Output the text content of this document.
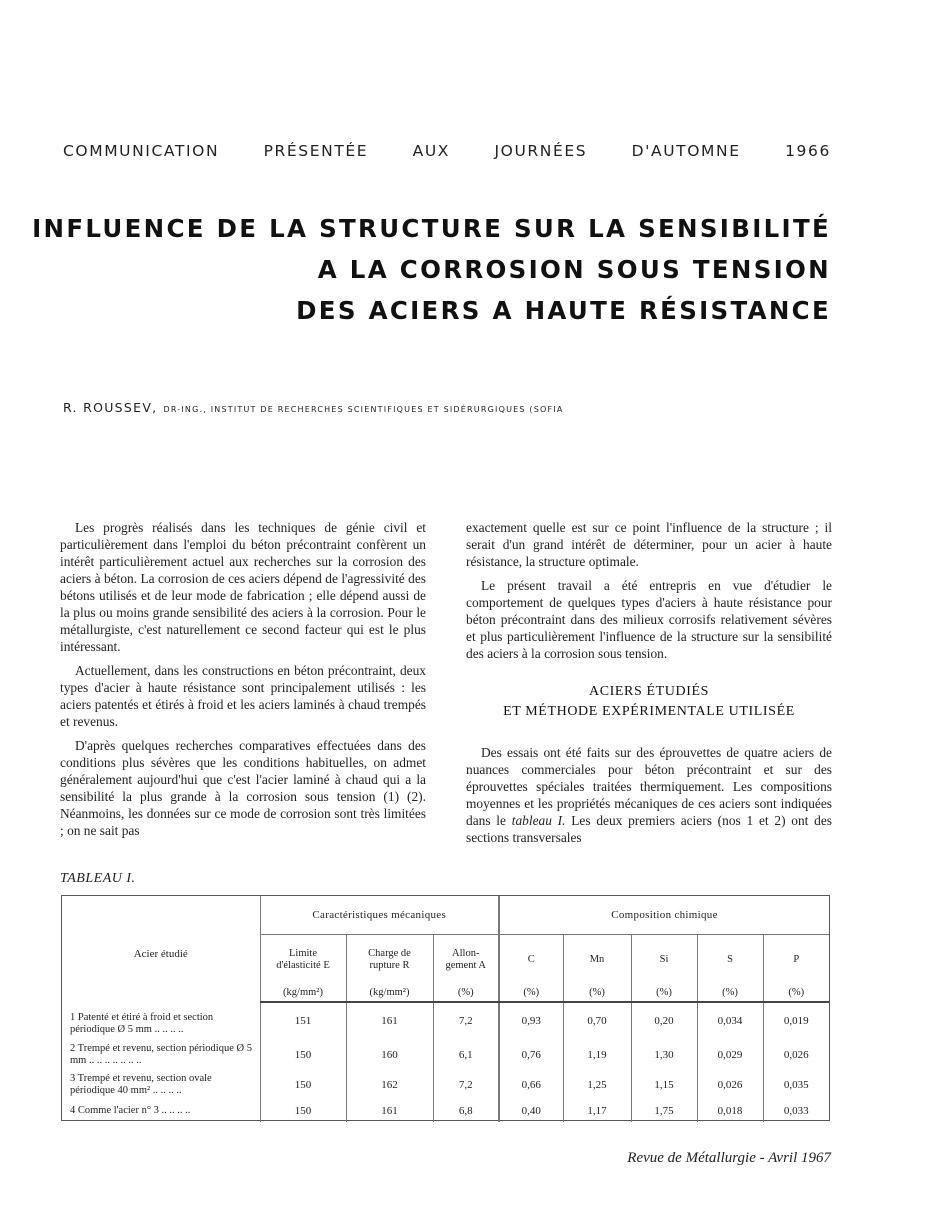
COMMUNICATION	PRÉSENTÉE	AUX	JOURNÉES	D'AUTOMNE	1966
INFLUENCE DE LA STRUCTURE SUR LA SENSIBILITÉ
A LA CORROSION SOUS TENSION
DES ACIERS A HAUTE RÉSISTANCE
R. ROUSSEV, DR-ING., INSTITUT DE RECHERCHES SCIENTIFIQUES ET SIDÉRURGIQUES (SOFIA

Les progrès réalisés dans les techniques de génie civil et particulièrement dans l'emploi du béton précontraint confèrent un intérêt particulièrement actuel aux recherches sur la corrosion des aciers à béton. La corrosion de ces aciers dépend de l'agressivité des bétons utilisés et de leur mode de fabrication ; elle dépend aussi de la plus ou moins grande sensibilité des aciers à la corrosion. Pour le métallurgiste, c'est naturellement ce second facteur qui est le plus intéressant.

Actuellement, dans les constructions en béton précontraint, deux types d'acier à haute résistance sont principalement utilisés : les aciers patentés et étirés à froid et les aciers laminés à chaud trempés et revenus.

D'après quelques recherches comparatives effectuées dans des conditions plus sévères que les conditions habituelles, on admet généralement aujourd'hui que c'est l'acier laminé à chaud qui a la sensibilité la plus grande à la corrosion sous tension (1) (2). Néanmoins, les données sur ce mode de corrosion sont très limitées ; on ne sait pas

exactement quelle est sur ce point l'influence de la structure ; il serait d'un grand intérêt de déterminer, pour un acier à haute résistance, la structure optimale.

Le présent travail a été entrepris en vue d'étudier le comportement de quelques types d'aciers à haute résistance pour béton précontraint dans des milieux corrosifs relativement sévères et plus particulièrement l'influence de la structure sur la sensibilité des aciers à la corrosion sous tension.

ACIERS ÉTUDIÉS
ET MÉTHODE EXPÉRIMENTALE UTILISÉE

Des essais ont été faits sur des éprouvettes de quatre aciers de nuances commerciales pour béton précontraint et sur des éprouvettes spéciales traitées thermiquement. Les compositions moyennes et les propriétés mécaniques de ces aciers sont indiquées dans le tableau I. Les deux premiers aciers (nos 1 et 2) ont des sections transversales

TABLEAU I.
Acier étudié	Caractéristiques mécaniques			Composition chimique				
	Limite d'élasticité E	Charge de rupture R	Allon-gement A	C	Mn	Si	S	P
	(kg/mm²)	(kg/mm²)	(%)	(%)	(%)	(%)	(%)	(%)
1 Patenté et étiré à froid et section périodique Ø 5 mm .. .. .. ..	151	161	7,2	0,93	0,70	0,20	0,034	0,019
2 Trempé et revenu, section périodique Ø 5 mm .. .. .. .. .. .. ..	150	160	6,1	0,76	1,19	1,30	0,029	0,026
3 Trempé et revenu, section ovale périodique 40 mm² .. .. .. ..	150	162	7,2	0,66	1,25	1,15	0,026	0,035
4 Comme l'acier n° 3 .. .. .. ..	150	161	6,8	0,40	1,17	1,75	0,018	0,033
Revue de Métallurgie - Avril 1967
